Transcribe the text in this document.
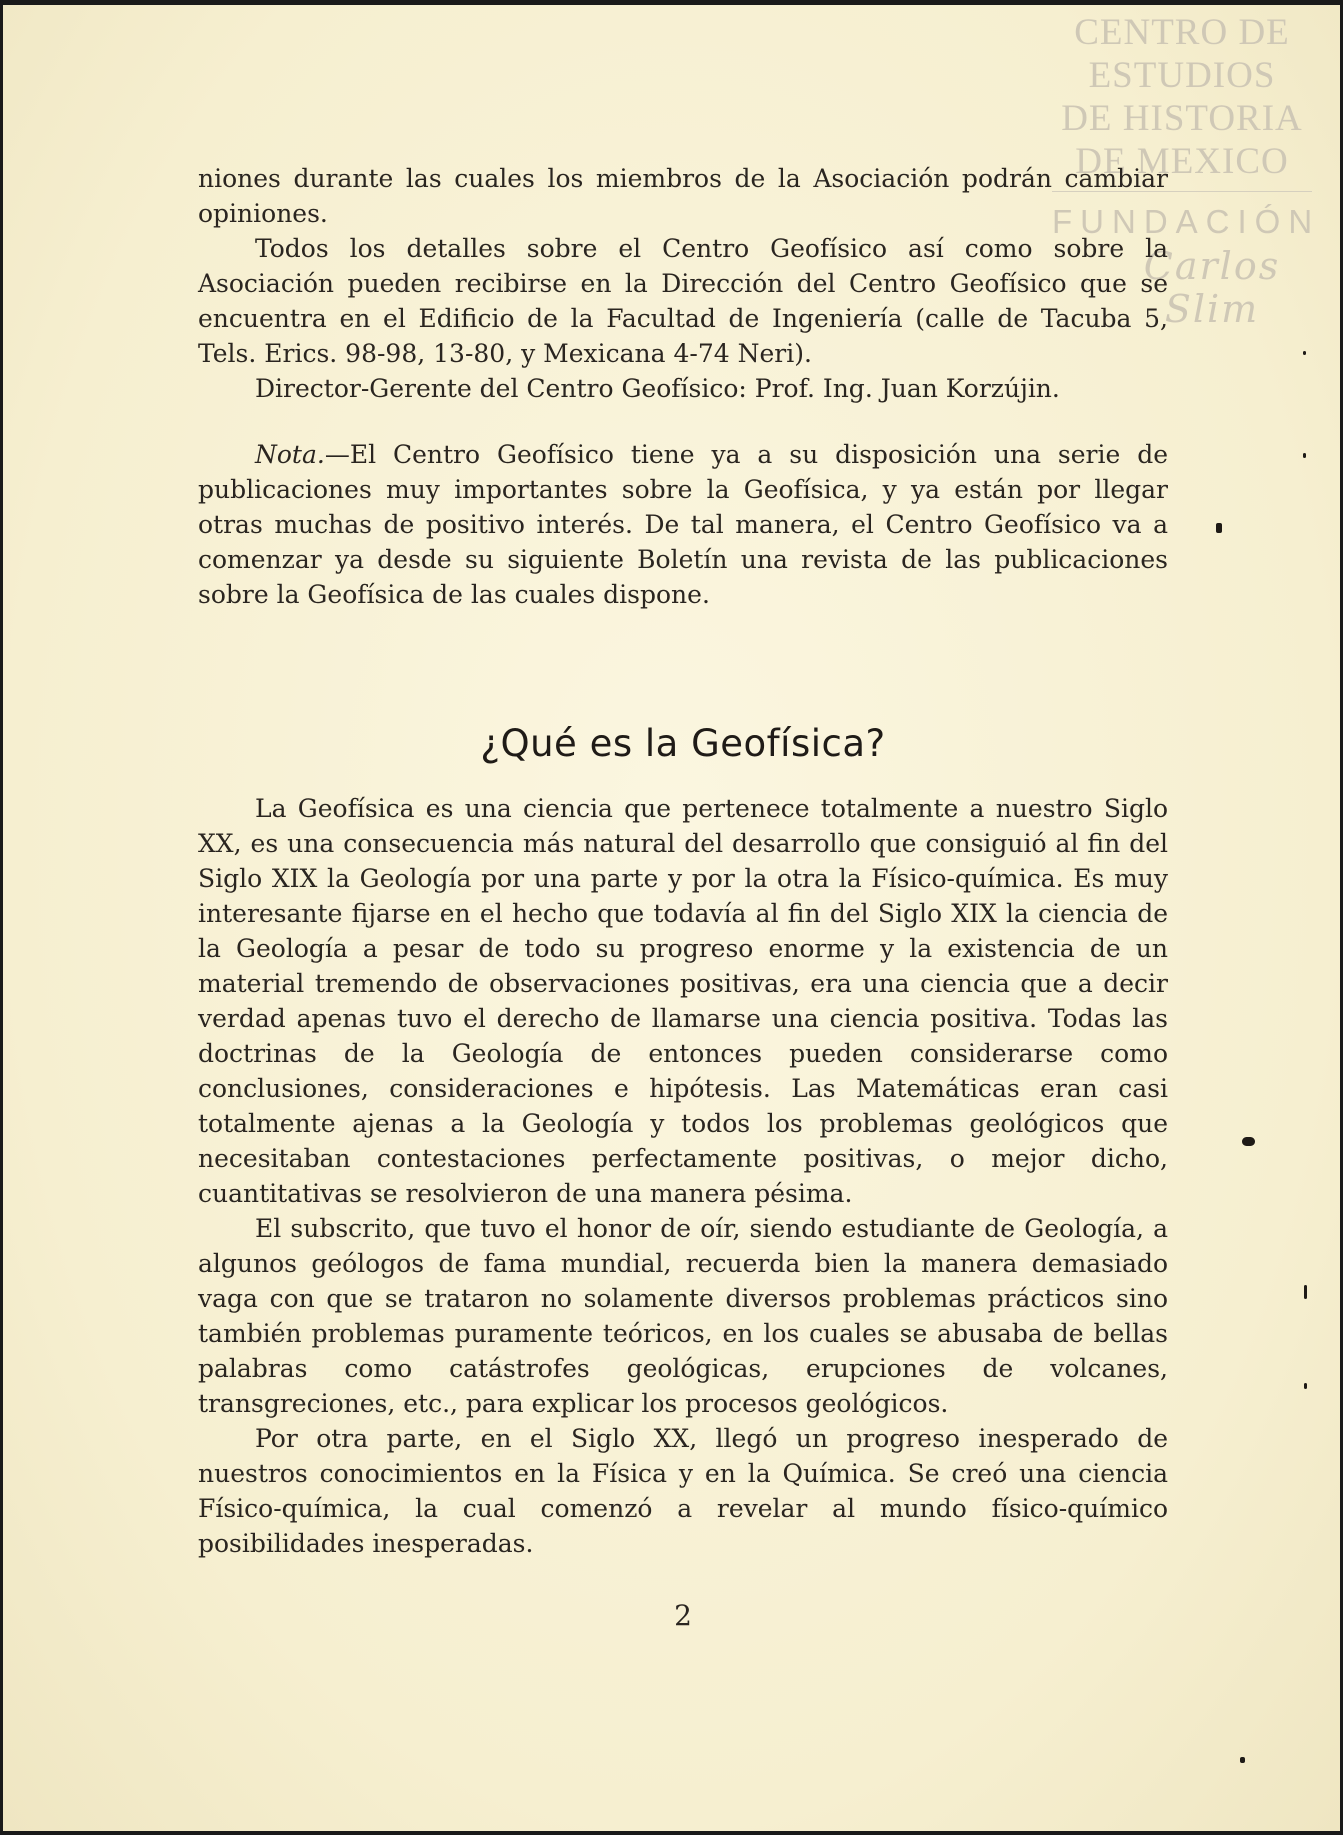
CENTRO DE
ESTUDIOS
DE HISTORIA
DE MEXICO
FUNDACIÓN
Carlos Slim

niones durante las cuales los miembros de la Asociación podrán cambiar opiniones.

Todos los detalles sobre el Centro Geofísico así como sobre la Asociación pueden recibirse en la Dirección del Centro Geofísico que se encuentra en el Edificio de la Facultad de Ingeniería (calle de Tacuba 5, Tels. Erics. 98-98, 13-80, y Mexicana 4-74 Neri).

Director-Gerente del Centro Geofísico: Prof. Ing. Juan Korzújin.

Nota.—El Centro Geofísico tiene ya a su disposición una serie de publicaciones muy importantes sobre la Geofísica, y ya están por llegar otras muchas de positivo interés. De tal manera, el Centro Geofísico va a comenzar ya desde su siguiente Boletín una revista de las publicaciones sobre la Geofísica de las cuales dispone.

¿Qué es la Geofísica?

La Geofísica es una ciencia que pertenece totalmente a nuestro Siglo XX, es una consecuencia más natural del desarrollo que consiguió al fin del Siglo XIX la Geología por una parte y por la otra la Físico-química. Es muy interesante fijarse en el hecho que todavía al fin del Siglo XIX la ciencia de la Geología a pesar de todo su progreso enorme y la existencia de un material tremendo de observaciones positivas, era una ciencia que a decir verdad apenas tuvo el derecho de llamarse una ciencia positiva. Todas las doctrinas de la Geología de entonces pueden considerarse como conclusiones, consideraciones e hipótesis. Las Matemáticas eran casi totalmente ajenas a la Geología y todos los problemas geológicos que necesitaban contestaciones perfectamente positivas, o mejor dicho, cuantitativas se resolvieron de una manera pésima.

El subscrito, que tuvo el honor de oír, siendo estudiante de Geología, a algunos geólogos de fama mundial, recuerda bien la manera demasiado vaga con que se trataron no solamente diversos problemas prácticos sino también problemas puramente teóricos, en los cuales se abusaba de bellas palabras como catástrofes geológicas, erupciones de volcanes, transgreciones, etc., para explicar los procesos geológicos.

Por otra parte, en el Siglo XX, llegó un progreso inesperado de nuestros conocimientos en la Física y en la Química. Se creó una ciencia Físico-química, la cual comenzó a revelar al mundo físico-químico posibilidades inesperadas.

2
